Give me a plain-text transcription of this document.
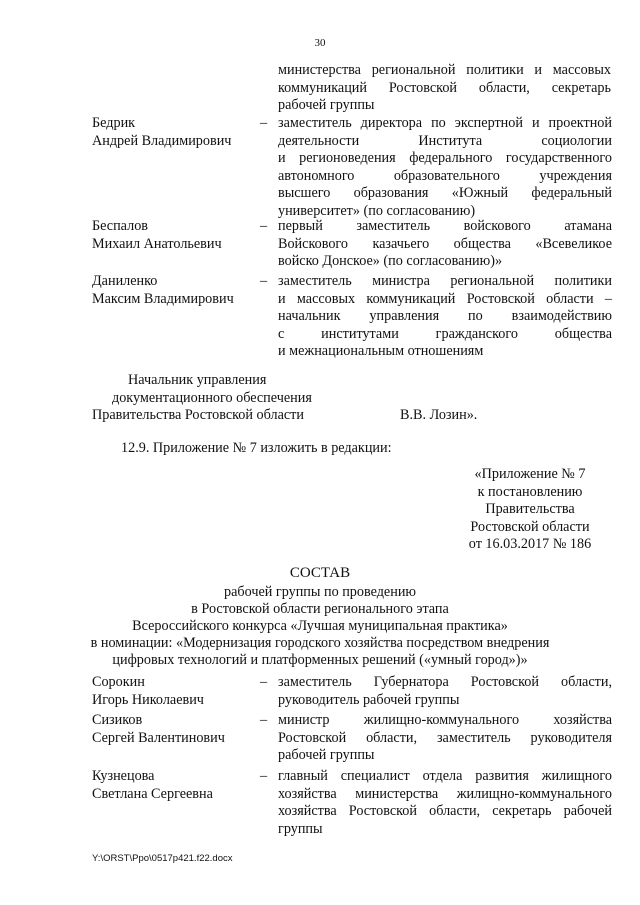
30
министерства региональной политики и массовых
коммуникаций Ростовской области, секретарь
рабочей группы
Бедрик
Андрей Владимирович
– заместитель директора по экспертной и проектной
деятельности Института социологии
и регионоведения федерального государственного
автономного образовательного учреждения
высшего образования «Южный федеральный
университет» (по согласованию)
Беспалов
Михаил Анатольевич
– первый заместитель войскового атамана
Войскового казачьего общества «Всевеликое
войско Донское» (по согласованию)»
Даниленко
Максим Владимирович
– заместитель министра региональной политики
и массовых коммуникаций Ростовской области –
начальник управления по взаимодействию
с институтами гражданского общества
и межнациональным отношениям
Начальник управления
документационного обеспечения
Правительства Ростовской области	В.В. Лозин».
12.9. Приложение № 7 изложить в редакции:
«Приложение № 7
к постановлению
Правительства
Ростовской области
от 16.03.2017 № 186
СОСТАВ
рабочей группы по проведению
в Ростовской области регионального этапа
Всероссийского конкурса «Лучшая муниципальная практика»
в номинации: «Модернизация городского хозяйства посредством внедрения
цифровых технологий и платформенных решений («умный город»)»
Сорокин
Игорь Николаевич
– заместитель Губернатора Ростовской области,
руководитель рабочей группы
Сизиков
Сергей Валентинович
– министр жилищно-коммунального хозяйства
Ростовской области, заместитель руководителя
рабочей группы
Кузнецова
Светлана Сергеевна
– главный специалист отдела развития жилищного
хозяйства министерства жилищно-коммунального
хозяйства Ростовской области, секретарь рабочей
группы
Y:\ORST\Ppo\0517p421.f22.docx
